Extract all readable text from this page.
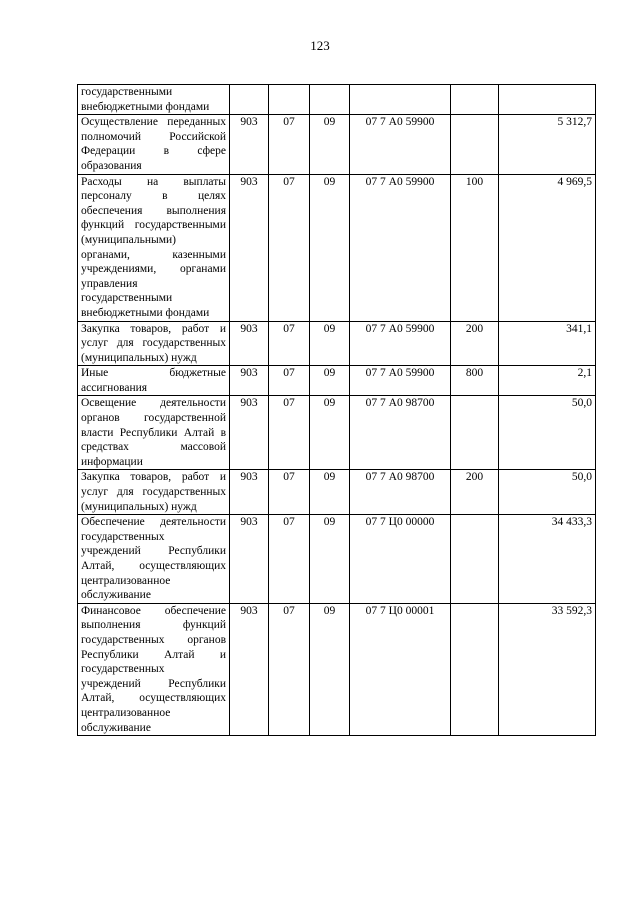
123
государственными внебюджетными фондами						
Осуществление переданных полномочий Российской Федерации в сфере образования	903	07	09	07 7 А0 59900		5 312,7
Расходы на выплаты персоналу в целях обеспечения выполнения функций государственными (муниципальными) органами, казенными учреждениями, органами управления государственными внебюджетными фондами	903	07	09	07 7 А0 59900	100	4 969,5
Закупка товаров, работ и услуг для государственных (муниципальных) нужд	903	07	09	07 7 А0 59900	200	341,1
Иные бюджетные ассигнования	903	07	09	07 7 А0 59900	800	2,1
Освещение деятельности органов государственной власти Республики Алтай в средствах массовой информации	903	07	09	07 7 А0 98700		50,0
Закупка товаров, работ и услуг для государственных (муниципальных) нужд	903	07	09	07 7 А0 98700	200	50,0
Обеспечение деятельности государственных учреждений Республики Алтай, осуществляющих централизованное обслуживание	903	07	09	07 7 Ц0 00000		34 433,3
Финансовое обеспечение выполнения функций государственных органов Республики Алтай и государственных учреждений Республики Алтай, осуществляющих централизованное обслуживание	903	07	09	07 7 Ц0 00001		33 592,3
